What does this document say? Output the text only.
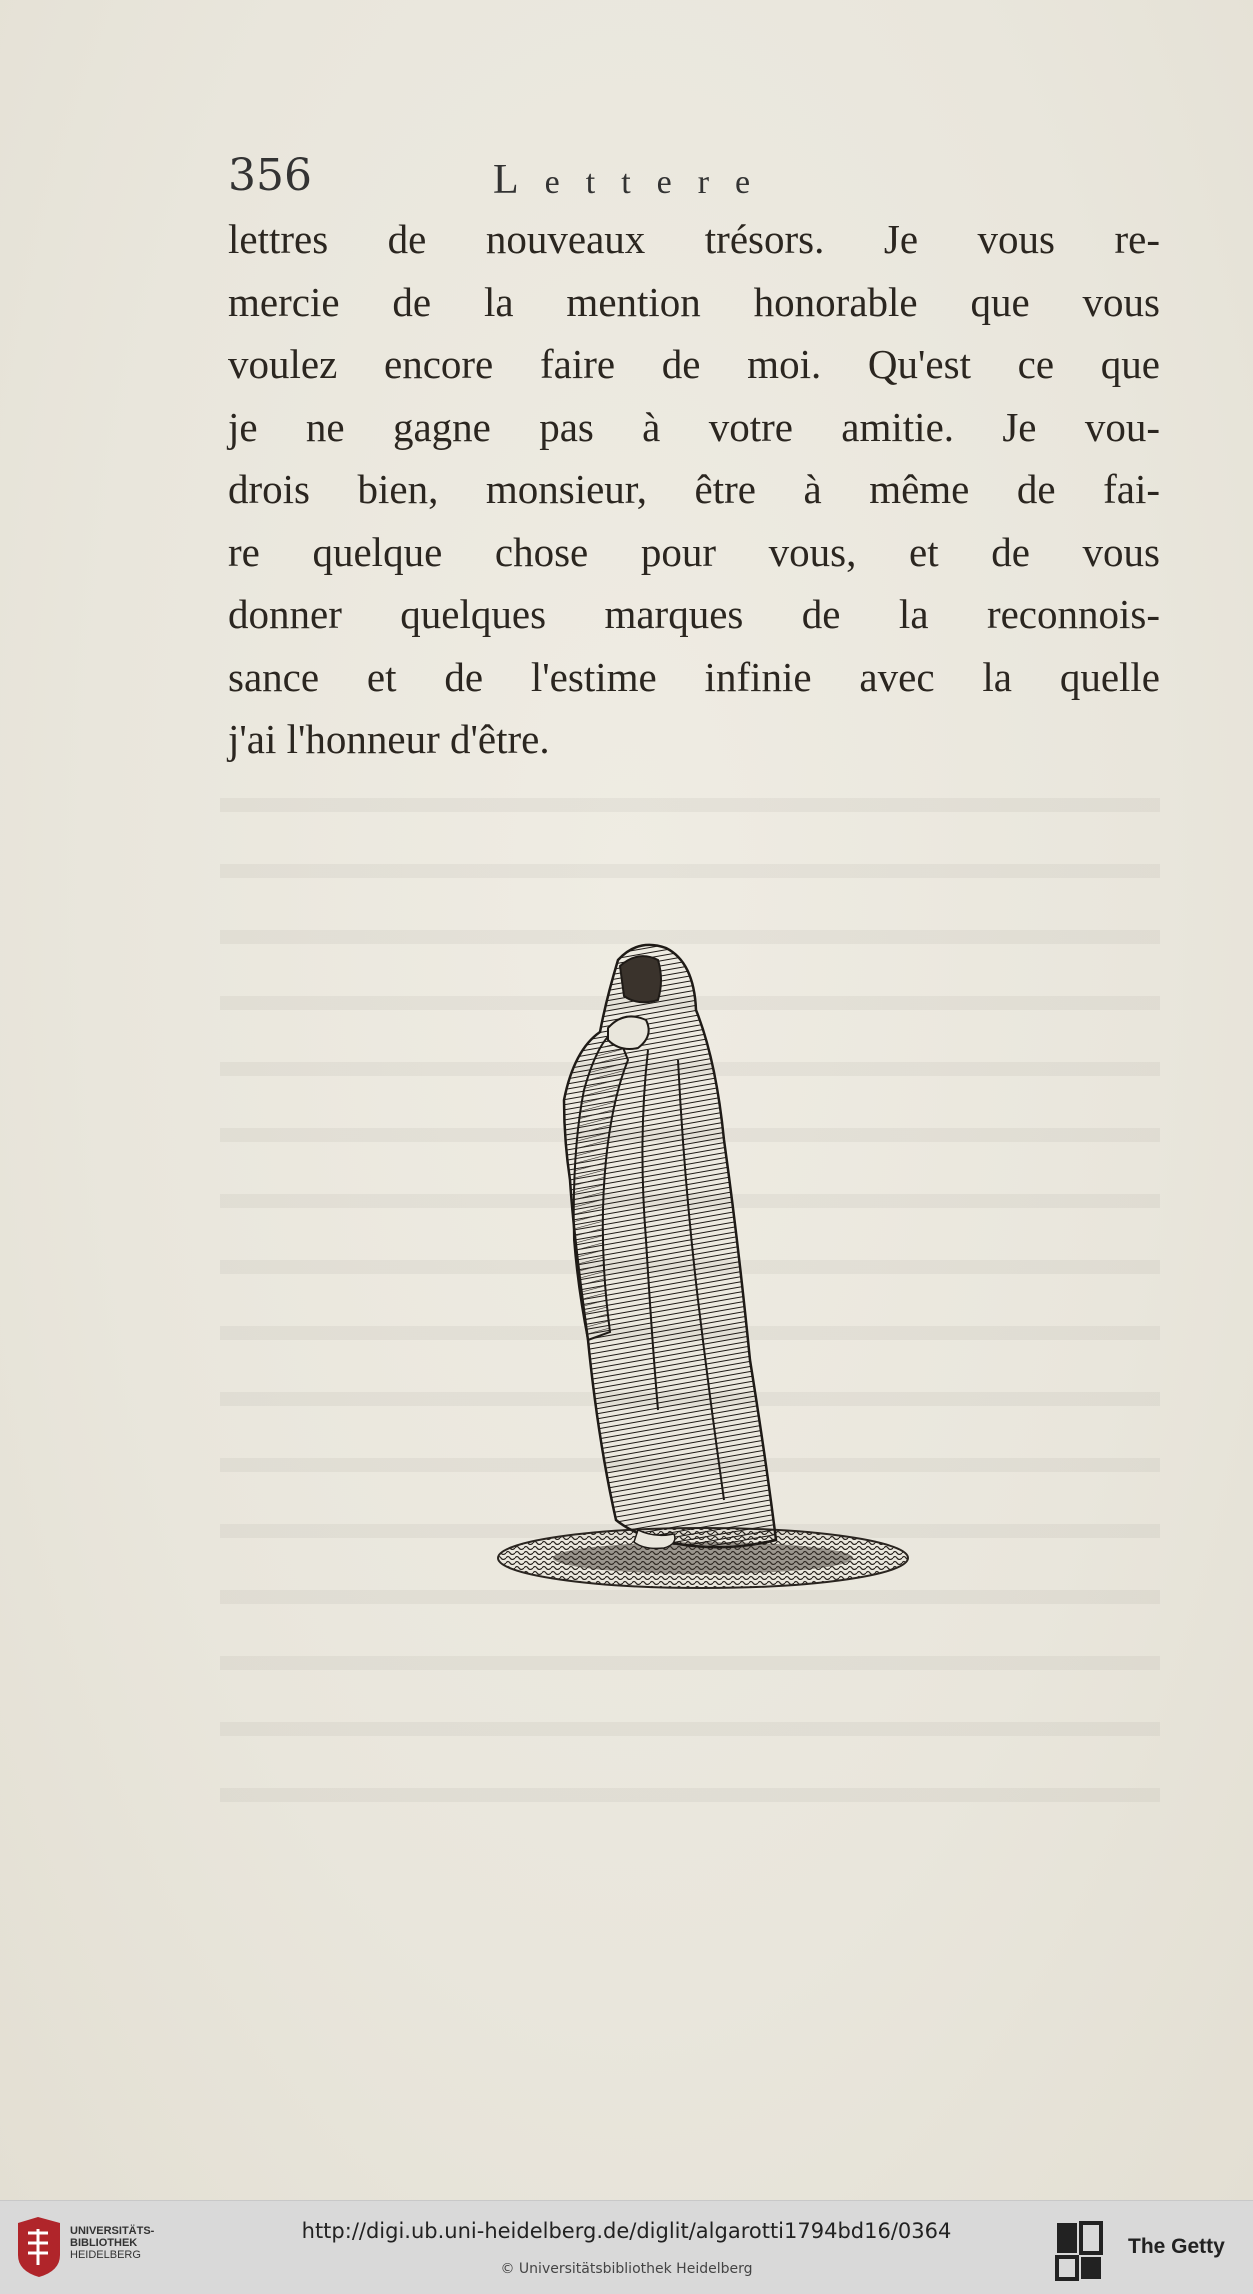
356	Lettere
lettres de nouveaux trésors. Je vous re-
mercie de la mention honorable que vous
voulez encore faire de moi. Qu'est ce que
je ne gagne pas à votre amitie. Je vou-
drois bien, monsieur, être à même de fai-
re quelque chose pour vous, et de vous
donner quelques marques de la reconnois-
sance et de l'estime infinie avec la quelle
j'ai l'honneur d'être.
UNIVERSITÄTS-
BIBLIOTHEK
HEIDELBERG
http://digi.ub.uni-heidelberg.de/diglit/algarotti1794bd16/0364
© Universitätsbibliothek Heidelberg
The Getty
